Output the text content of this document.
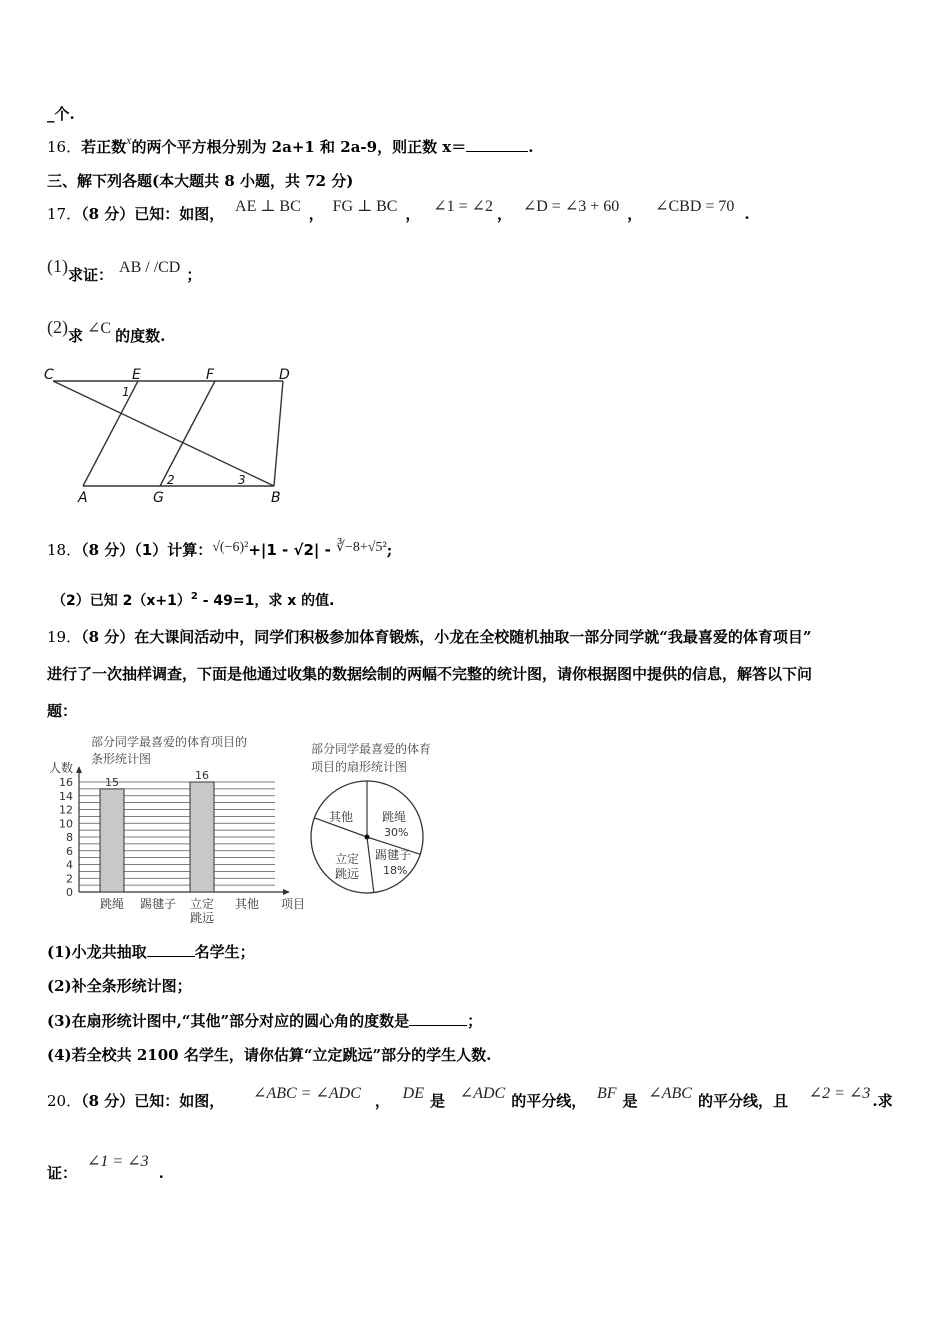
_个.
16．若正数$^x$的两个平方根分别为 2a+1 和 2a-9，则正数 x＝	.
三、解下列各题(本大题共 8 小题，共 72 分)
17．（8 分）已知：如图， AE ⊥ BC ， FG ⊥ BC ， ∠1 = ∠2 ， ∠D = ∠3 + 60 ， ∠CBD = 70 .
(1)求证： AB / /CD ；
(2)求 ∠C 的度数.
C	E	F	D
A	G	B
1
2	3
18．（8 分）（1）计算：√(−6)²+|1 - √2| - ∛−8+√5²;
（2）已知 $2(x+1)^2 - 49=1$，求 x 的值.
19．（8 分）在大课间活动中，同学们积极参加体育锻炼，小龙在全校随机抽取一部分同学就“我最喜爱的体育项目”
进行了一次抽样调查，下面是他通过收集的数据绘制的两幅不完整的统计图，请你根据图中提供的信息，解答以下问
题：
部分同学最喜爱的体育项目的
条形统计图
人数
0
2
4
6
8
10
12
14
16	15
跳绳 踢毽子
16
立定
跳远
其他 项目
部分同学最喜爱的体育
项目的扇形统计图
跳绳
30%
踢毽子
18%
立定
跳远
其他
(1)小龙共抽取	名学生；
(2)补全条形统计图；
(3)在扇形统计图中,“其他”部分对应的圆心角的度数是	；
(4)若全校共 2100 名学生，请你估算“立定跳远”部分的学生人数.
20．（8 分）已知：如图， ∠ABC = ∠ADC ， DE 是 ∠ADC 的平分线， BF 是 ∠ABC 的平分线，且 ∠2 = ∠3 .求
证：∠1 = ∠3.
